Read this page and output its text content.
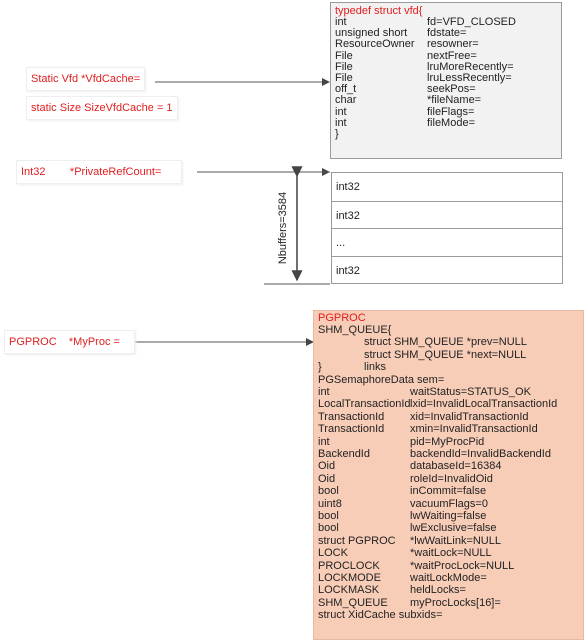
Static Vfd *VfdCache=
static Size SizeVfdCache = 1
Int32        *PrivateRefCount=
PGPROC    *MyProc =
typedef struct vfd{
int	fd=VFD_CLOSED
unsigned short fdstate=
ResourceOwner resowner=
File	nextFree=
File	lruMoreRecently=
File	lruLessRecently=
off_t	seekPos=
char	*fileName=
int	fileFlags=
int	fileMode=
}
int32
int32
...
int32
Nbuffers=3584
PGPROC
SHM_QUEUE{
struct SHM_QUEUE *prev=NULL
struct SHM_QUEUE *next=NULL
}	links
PGSemaphoreData sem=
int	waitStatus=STATUS_OK
LocalTransactionId lxid=InvalidLocalTransactionId
TransactionId xid=InvalidTransactionId
TransactionId xmin=InvalidTransactionId
int	pid=MyProcPid
BackendId	backendId=InvalidBackendId
Oid	databaseId=16384
Oid	roleId=InvalidOid
bool	inCommit=false
uint8	vacuumFlags=0
bool	lwWaiting=false
bool	lwExclusive=false
struct PGPROC *lwWaitLink=NULL
LOCK	*waitLock=NULL
PROCLOCK	*waitProcLock=NULL
LOCKMODE	waitLockMode=
LOCKMASK	heldLocks=
SHM_QUEUE myProcLocks[16]=
struct XidCache subxids=
